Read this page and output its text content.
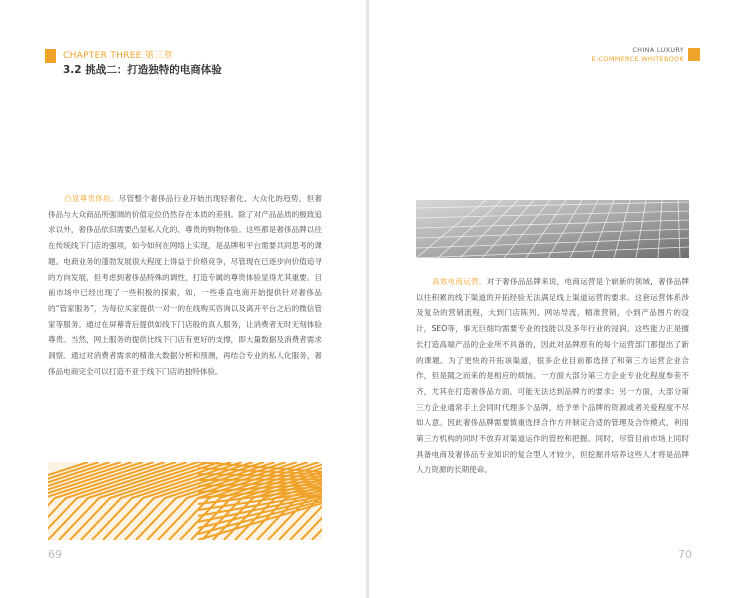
CHAPTER THREE 第三章
3.2 挑战二：打造独特的电商体验

凸显尊贵体验。尽管整个奢侈品行业开始出现轻奢化、大众化的趋势，但奢侈品与大众商品所强调的价值定位仍然存在本质的差别。除了对产品品质的极致追求以外，奢侈品依旧需要凸显私人化的、尊贵的购物体验。这些都是奢侈品牌以往在传统线下门店的强项，如今如何在网络上实现，是品牌和平台需要共同思考的课题。电商业务的蓬勃发展很大程度上得益于价格竞争，尽管现在已逐步向价值追寻的方向发展，但考虑到奢侈品特殊的调性，打造专属的尊贵体验显得尤其重要。目前市场中已经出现了一些积极的探索，如，一些垂直电商开始提供针对奢侈品的“管家服务”，为每位买家提供一对一的在线购买咨询以及离开平台之后的微信管家等服务。通过在屏幕背后提供如线下门店般的真人服务，让消费者无时无刻体验尊贵。当然，网上服务的提供比线下门店有更好的支撑，即大量数据及消费者需求洞察。通过对消费者需求的精准大数据分析和预测，再结合专业的私人化服务，奢侈品电商完全可以打造不亚于线下门店的独特体验。

69
CHINA LUXURY
E-COMMERCE WHITEBOOK

高效电商运营。对于奢侈品品牌来说，电商运营是个崭新的领域，奢侈品牌以往积累的线下渠道的开拓经验无法满足线上渠道运营的要求。这套运营体系涉及复杂的营销流程，大到门店陈列、网站导流，精准营销，小到产品图片的设计，SEO等，事无巨细均需要专业的技能以及多年行业的浸润。这些能力正是擅长打造高端产品的企业所不具备的，因此对品牌原有的每个运营部门都提出了新的课题。为了更快的开拓该渠道，很多企业目前都选择了和第三方运营企业合作，但是随之而来的是相应的烦恼。一方面大部分第三方企业专业化程度参差不齐，尤其在打造奢侈品方面，可能无法达到品牌方的要求；另一方面，大部分第三方企业通常手上会同时代理多个品牌，给予单个品牌的资源或者关爱程度不尽如人意。因此奢侈品牌需要慎重选择合作方并制定合适的管理及合作模式，利用第三方机构的同时不放弃对渠道运作的管控和把握。同时，尽管目前市场上同时具备电商及奢侈品专业知识的复合型人才较少，但挖掘并培养这些人才将是品牌人力资源的长期使命。

70
